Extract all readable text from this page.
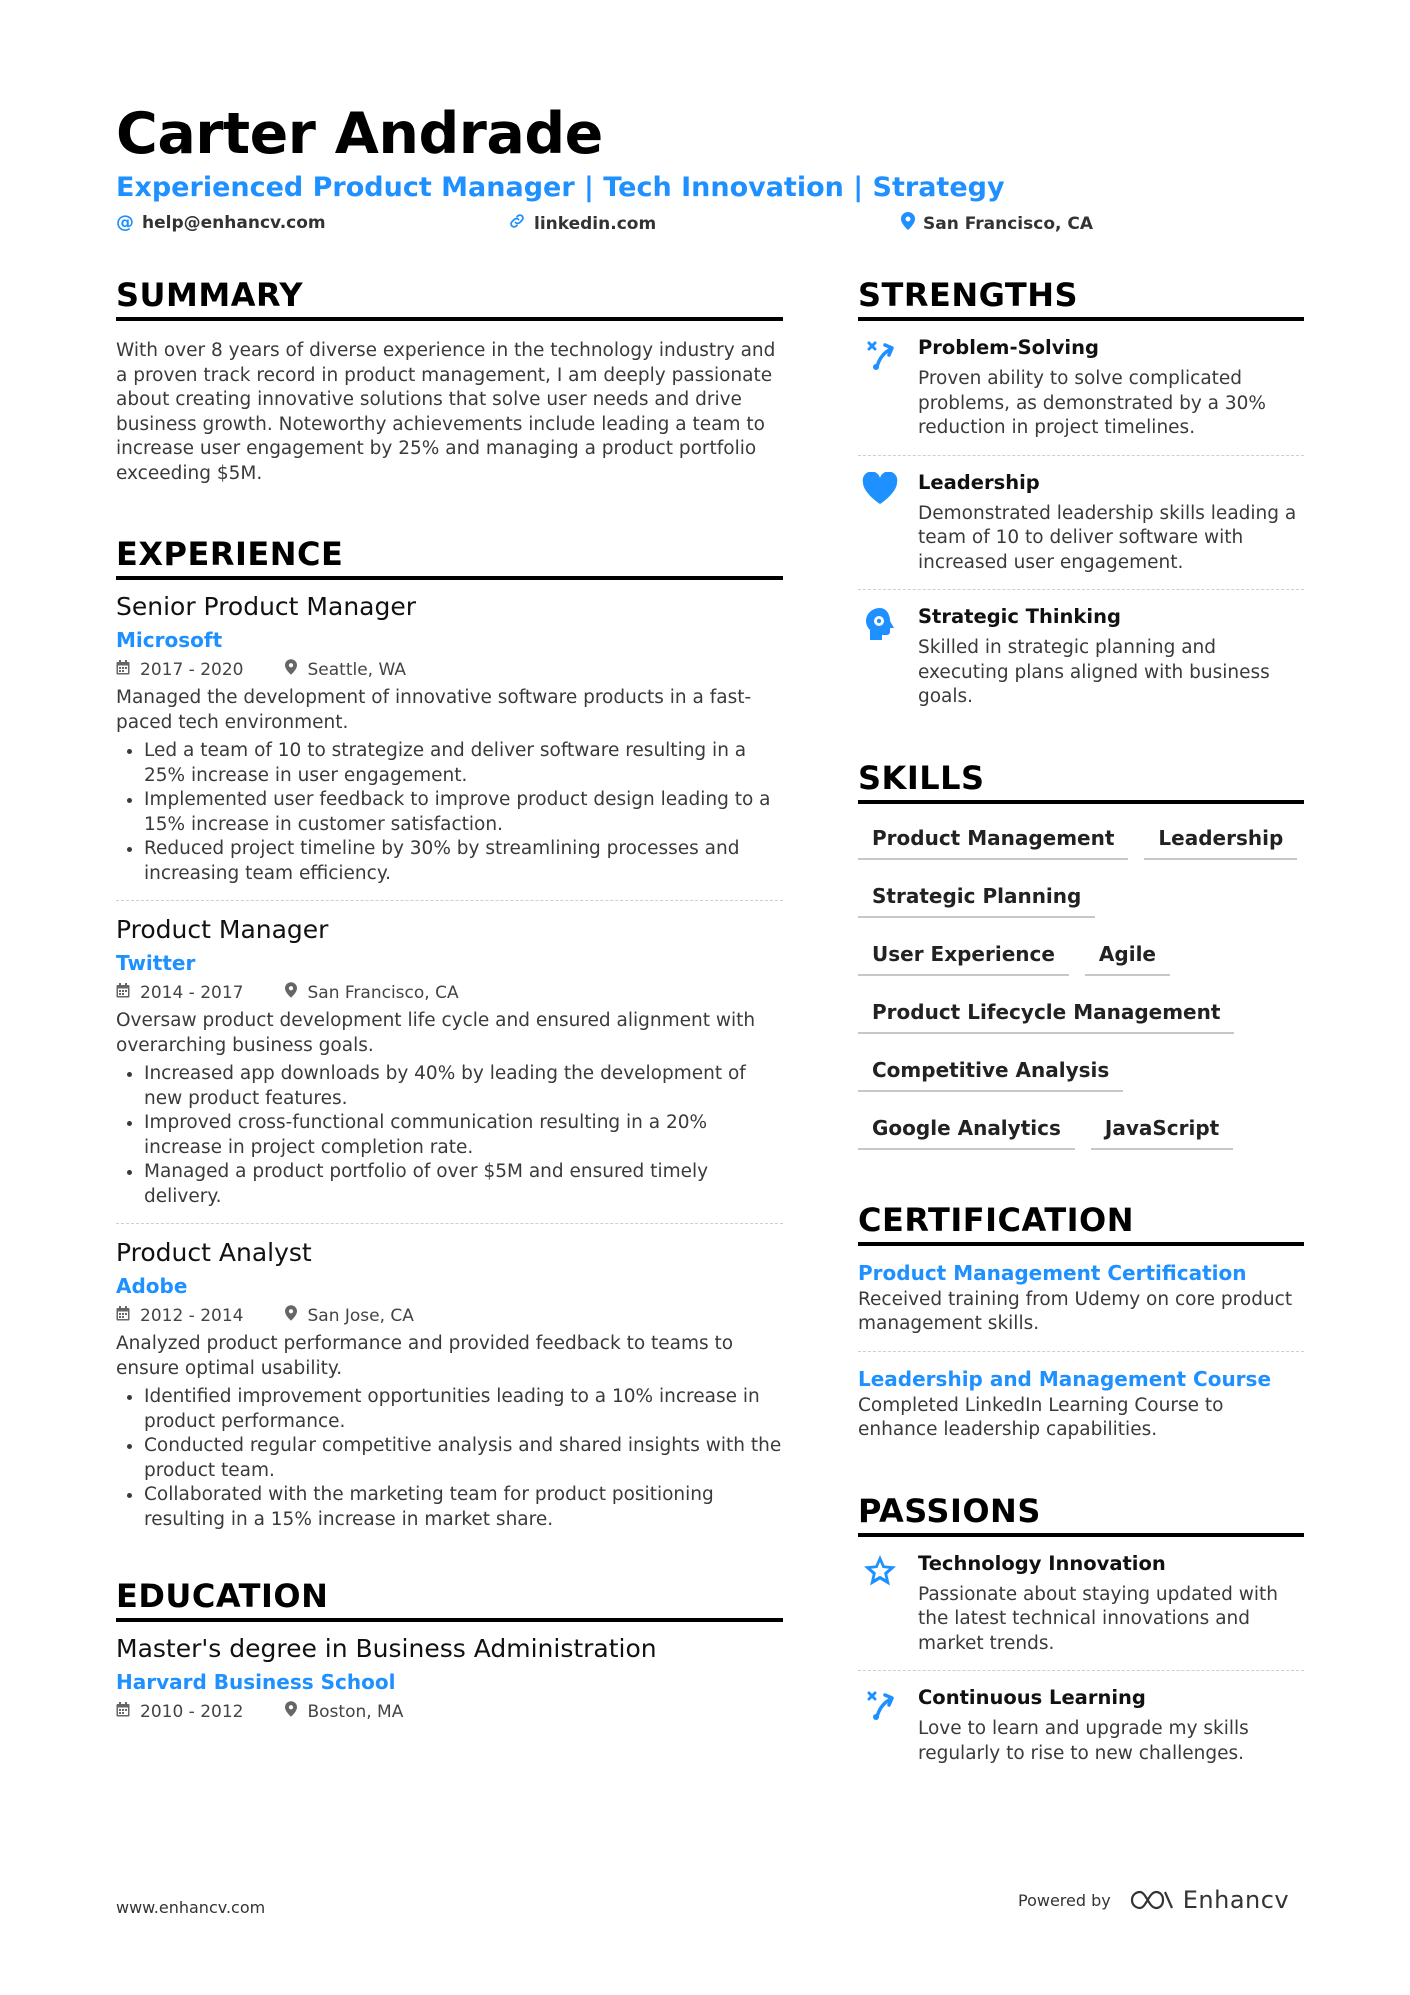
Carter Andrade
Experienced Product Manager | Tech Innovation | Strategy
@ help@enhancv.com	linkedin.com	San Francisco, CA
SUMMARY
With over 8 years of diverse experience in the technology industry and a proven track record in product management, I am deeply passionate about creating innovative solutions that solve user needs and drive business growth. Noteworthy achievements include leading a team to increase user engagement by 25% and managing a product portfolio exceeding $5M.
EXPERIENCE
Senior Product Manager
Microsoft
2017 - 2020	Seattle, WA
Managed the development of innovative software products in a fast-paced tech environment.
• Led a team of 10 to strategize and deliver software resulting in a 25% increase in user engagement.
• Implemented user feedback to improve product design leading to a 15% increase in customer satisfaction.
• Reduced project timeline by 30% by streamlining processes and increasing team efficiency.
Product Manager
Twitter
2014 - 2017	San Francisco, CA
Oversaw product development life cycle and ensured alignment with overarching business goals.
• Increased app downloads by 40% by leading the development of new product features.
• Improved cross-functional communication resulting in a 20% increase in project completion rate.
• Managed a product portfolio of over $5M and ensured timely delivery.
Product Analyst
Adobe
2012 - 2014	San Jose, CA
Analyzed product performance and provided feedback to teams to ensure optimal usability.
• Identified improvement opportunities leading to a 10% increase in product performance.
• Conducted regular competitive analysis and shared insights with the product team.
• Collaborated with the marketing team for product positioning resulting in a 15% increase in market share.
EDUCATION
Master's degree in Business Administration
Harvard Business School
2010 - 2012	Boston, MA
STRENGTHS
Problem-Solving
Proven ability to solve complicated problems, as demonstrated by a 30% reduction in project timelines.
Leadership
Demonstrated leadership skills leading a team of 10 to deliver software with increased user engagement.
Strategic Thinking
Skilled in strategic planning and executing plans aligned with business goals.
SKILLS
Product Management	Leadership
Strategic Planning
User Experience	Agile
Product Lifecycle Management
Competitive Analysis
Google Analytics	JavaScript
CERTIFICATION
Product Management Certification
Received training from Udemy on core product management skills.
Leadership and Management Course
Completed LinkedIn Learning Course to enhance leadership capabilities.
PASSIONS
Technology Innovation
Passionate about staying updated with the latest technical innovations and market trends.
Continuous Learning
Love to learn and upgrade my skills regularly to rise to new challenges.
www.enhancv.com	Powered by	Enhancv
